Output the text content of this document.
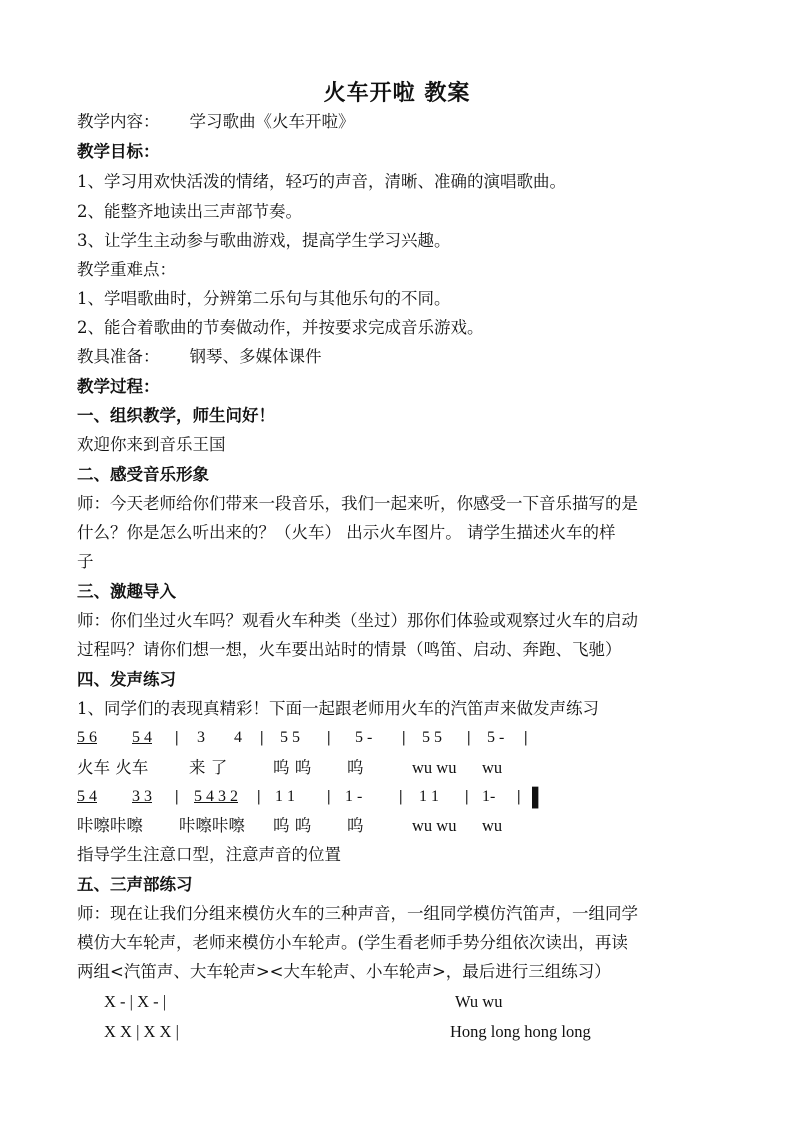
火车开啦 教案
教学内容： 学习歌曲《火车开啦》
教学目标：
1、学习用欢快活泼的情绪，轻巧的声音，清晰、准确的演唱歌曲。
2、能整齐地读出三声部节奏。
3、让学生主动参与歌曲游戏，提高学生学习兴趣。
教学重难点：
1、学唱歌曲时，分辨第二乐句与其他乐句的不同。
2、能合着歌曲的节奏做动作，并按要求完成音乐游戏。
教具准备： 钢琴、多媒体课件
教学过程：
一、组织教学，师生问好！
欢迎你来到音乐王国
二、感受音乐形象
师：今天老师给你们带来一段音乐，我们一起来听，你感受一下音乐描写的是
什么？你是怎么听出来的？（火车） 出示火车图片。 请学生描述火车的样
子
三、激趣导入
师：你们坐过火车吗？观看火车种类（坐过）那你们体验或观察过火车的启动
过程吗？请你们想一想，火车要出站时的情景（鸣笛、启动、奔跑、飞驰）
四、发声练习
1、同学们的表现真精彩！下面一起跟老师用火车的汽笛声来做发声练习
5 6 5 4 | 3 4 | 5 5 | 5 - | 5 5 | 5 - |
火车 火车 来 了	呜 呜 呜	wu wu wu
5 4 3 3 | 5 4 3 2 | 1 1 | 1 - | 1 1 | 1- | ▌
咔嚓咔嚓 咔嚓咔嚓 呜 呜 呜	wu wu wu
指导学生注意口型，注意声音的位置
五、三声部练习
师：现在让我们分组来模仿火车的三种声音，一组同学模仿汽笛声，一组同学
模仿大车轮声，老师来模仿小车轮声。(学生看老师手势分组依次读出，再读
两组<汽笛声、大车轮声><大车轮声、小车轮声>，最后进行三组练习）
X - | X - |	Wu wu
X X | X X |	Hong long hong long
